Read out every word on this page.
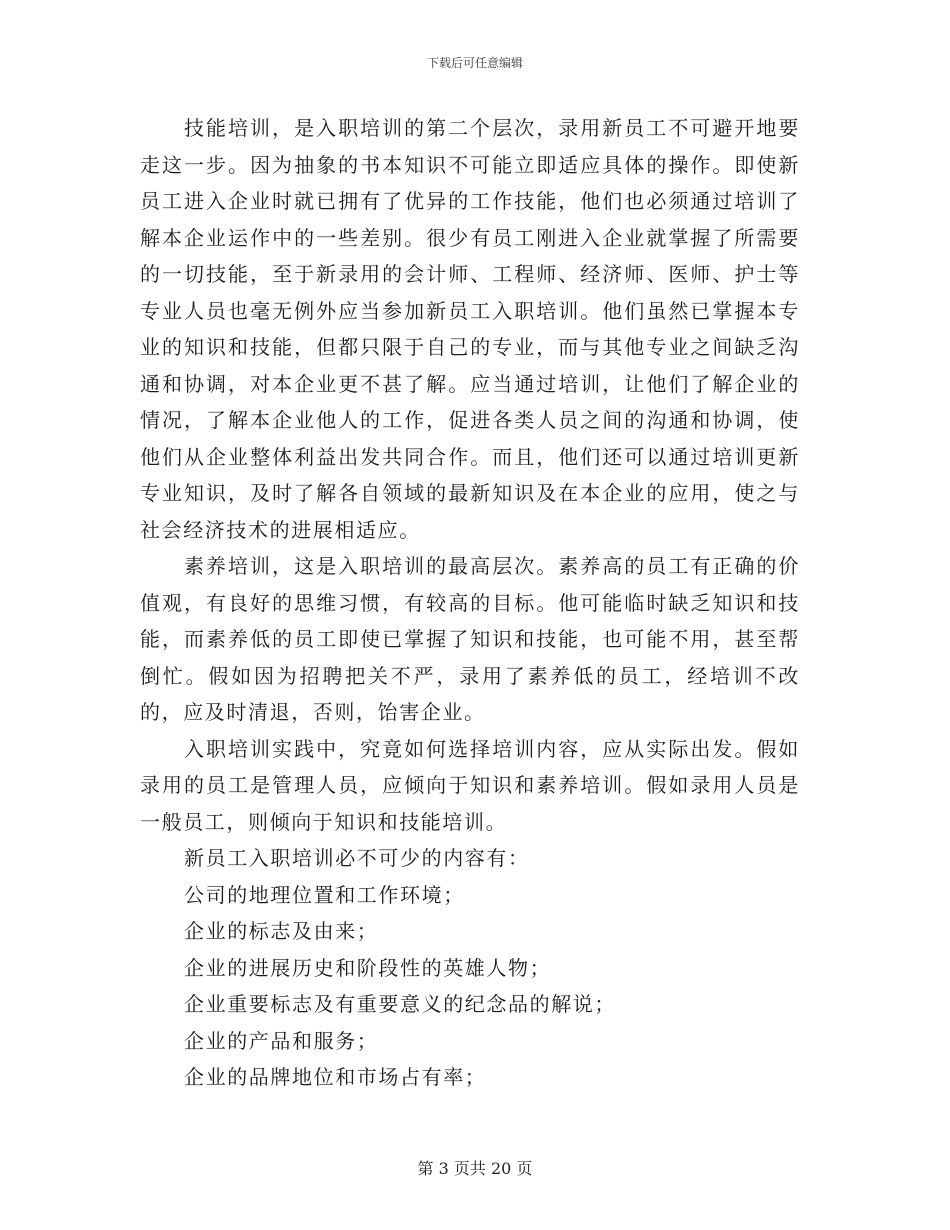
下载后可任意编辑

技能培训，是入职培训的第二个层次，录用新员工不可避开地要走这一步。因为抽象的书本知识不可能立即适应具体的操作。即使新员工进入企业时就已拥有了优异的工作技能，他们也必须通过培训了解本企业运作中的一些差别。很少有员工刚进入企业就掌握了所需要的一切技能，至于新录用的会计师、工程师、经济师、医师、护士等专业人员也毫无例外应当参加新员工入职培训。他们虽然已掌握本专业的知识和技能，但都只限于自己的专业，而与其他专业之间缺乏沟通和协调，对本企业更不甚了解。应当通过培训，让他们了解企业的情况，了解本企业他人的工作，促进各类人员之间的沟通和协调，使他们从企业整体利益出发共同合作。而且，他们还可以通过培训更新专业知识，及时了解各自领域的最新知识及在本企业的应用，使之与社会经济技术的进展相适应。

素养培训，这是入职培训的最高层次。素养高的员工有正确的价值观，有良好的思维习惯，有较高的目标。他可能临时缺乏知识和技能，而素养低的员工即使已掌握了知识和技能，也可能不用，甚至帮倒忙。假如因为招聘把关不严，录用了素养低的员工，经培训不改的，应及时清退，否则，饴害企业。

入职培训实践中，究竟如何选择培训内容，应从实际出发。假如录用的员工是管理人员，应倾向于知识和素养培训。假如录用人员是一般员工，则倾向于知识和技能培训。

新员工入职培训必不可少的内容有：

公司的地理位置和工作环境；

企业的标志及由来；

企业的进展历史和阶段性的英雄人物；

企业重要标志及有重要意义的纪念品的解说；

企业的产品和服务；

企业的品牌地位和市场占有率；

第 3 页共 20 页
